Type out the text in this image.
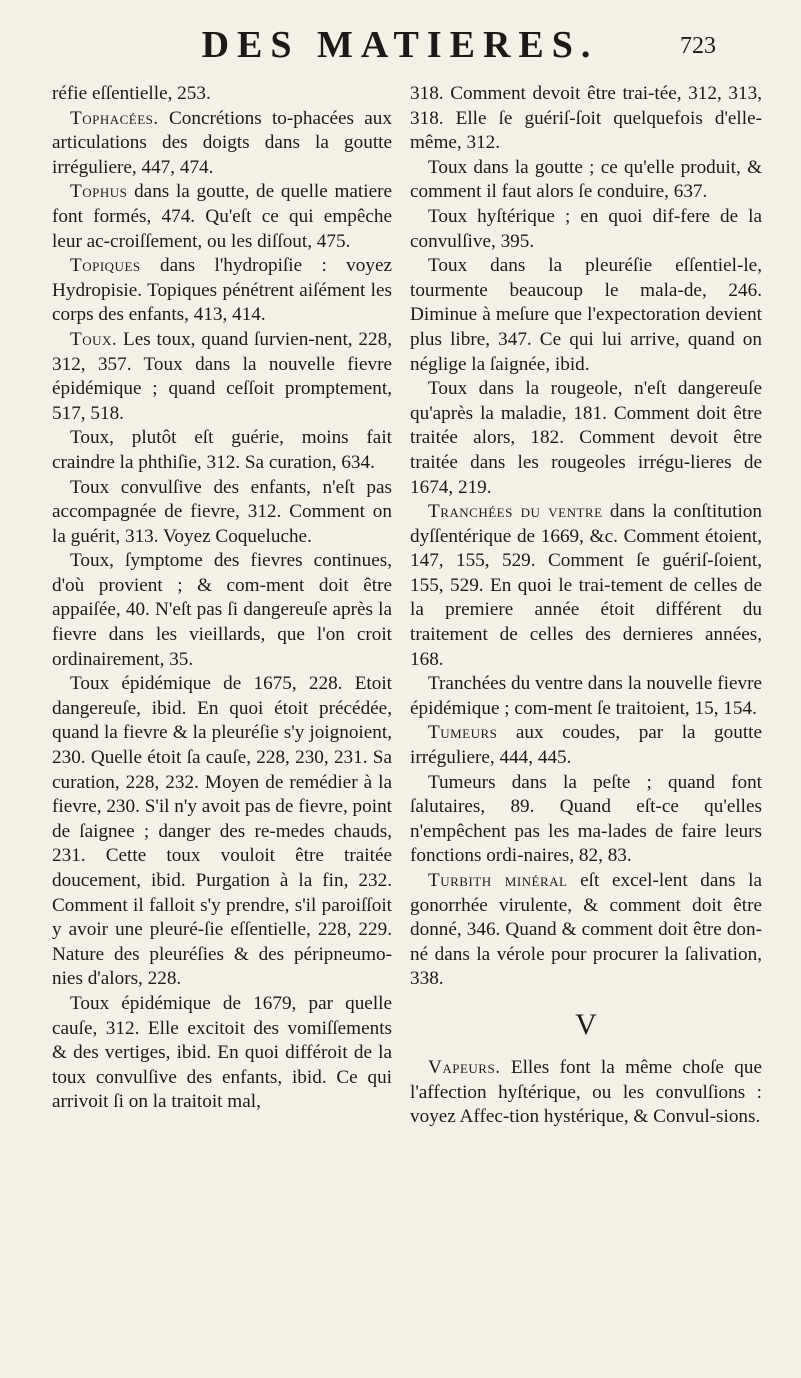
DES MATIERES.	723

réfie eſſentielle, 253.

Tophacées. Concrétions to-phacées aux articulations des doigts dans la goutte irréguliere, 447, 474.

Tophus dans la goutte, de quelle matiere font formés, 474. Qu'eſt ce qui empêche leur ac-croiſſement, ou les diſſout, 475.

Topiques dans l'hydropiſie : voyez Hydropisie. Topiques pénétrent aiſément les corps des enfants, 413, 414.

Toux. Les toux, quand ſurvien-nent, 228, 312, 357. Toux dans la nouvelle fievre épidémique ; quand ceſſoit promptement, 517, 518.

Toux, plutôt eſt guérie, moins fait craindre la phthiſie, 312. Sa curation, 634.

Toux convulſive des enfants, n'eſt pas accompagnée de fievre, 312. Comment on la guérit, 313. Voyez Coqueluche.

Toux, ſymptome des fievres continues, d'où provient ; & com-ment doit être appaiſée, 40. N'eſt pas ſi dangereuſe après la fievre dans les vieillards, que l'on croit ordinairement, 35.

Toux épidémique de 1675, 228. Etoit dangereuſe, ibid. En quoi étoit précédée, quand la fievre & la pleuréſie s'y joignoient, 230. Quelle étoit ſa cauſe, 228, 230, 231. Sa curation, 228, 232. Moyen de remédier à la fievre, 230. S'il n'y avoit pas de fievre, point de ſaignee ; danger des re-medes chauds, 231. Cette toux vouloit être traitée doucement, ibid. Purgation à la fin, 232. Comment il falloit s'y prendre, s'il paroiſſoit y avoir une pleuré-ſie eſſentielle, 228, 229. Nature des pleuréſies & des péripneumo-nies d'alors, 228.

Toux épidémique de 1679, par quelle cauſe, 312. Elle excitoit des vomiſſements & des vertiges, ibid. En quoi différoit de la toux convulſive des enfants, ibid. Ce qui arrivoit ſi on la traitoit mal,

318. Comment devoit être trai-tée, 312, 313, 318. Elle ſe guériſ-ſoit quelquefois d'elle-même, 312.

Toux dans la goutte ; ce qu'elle produit, & comment il faut alors ſe conduire, 637.

Toux hyſtérique ; en quoi dif-fere de la convulſive, 395.

Toux dans la pleuréſie eſſentiel-le, tourmente beaucoup le mala-de, 246. Diminue à meſure que l'expectoration devient plus libre, 347. Ce qui lui arrive, quand on néglige la ſaignée, ibid.

Toux dans la rougeole, n'eſt dangereuſe qu'après la maladie, 181. Comment doit être traitée alors, 182. Comment devoit être traitée dans les rougeoles irrégu-lieres de 1674, 219.

Tranchées du ventre dans la conſtitution dyſſentérique de 1669, &c. Comment étoient, 147, 155, 529. Comment ſe guériſ-ſoient, 155, 529. En quoi le trai-tement de celles de la premiere année étoit différent du traitement de celles des dernieres années, 168.

Tranchées du ventre dans la nouvelle fievre épidémique ; com-ment ſe traitoient, 15, 154.

Tumeurs aux coudes, par la goutte irréguliere, 444, 445.

Tumeurs dans la peſte ; quand font ſalutaires, 89. Quand eſt-ce qu'elles n'empêchent pas les ma-lades de faire leurs fonctions ordi-naires, 82, 83.

Turbith minéral eſt excel-lent dans la gonorrhée virulente, & comment doit être donné, 346. Quand & comment doit être don-né dans la vérole pour procurer la ſalivation, 338.

V

Vapeurs. Elles font la même choſe que l'affection hyſtérique, ou les convulſions : voyez Affec-tion hystérique, & Convul-sions.
